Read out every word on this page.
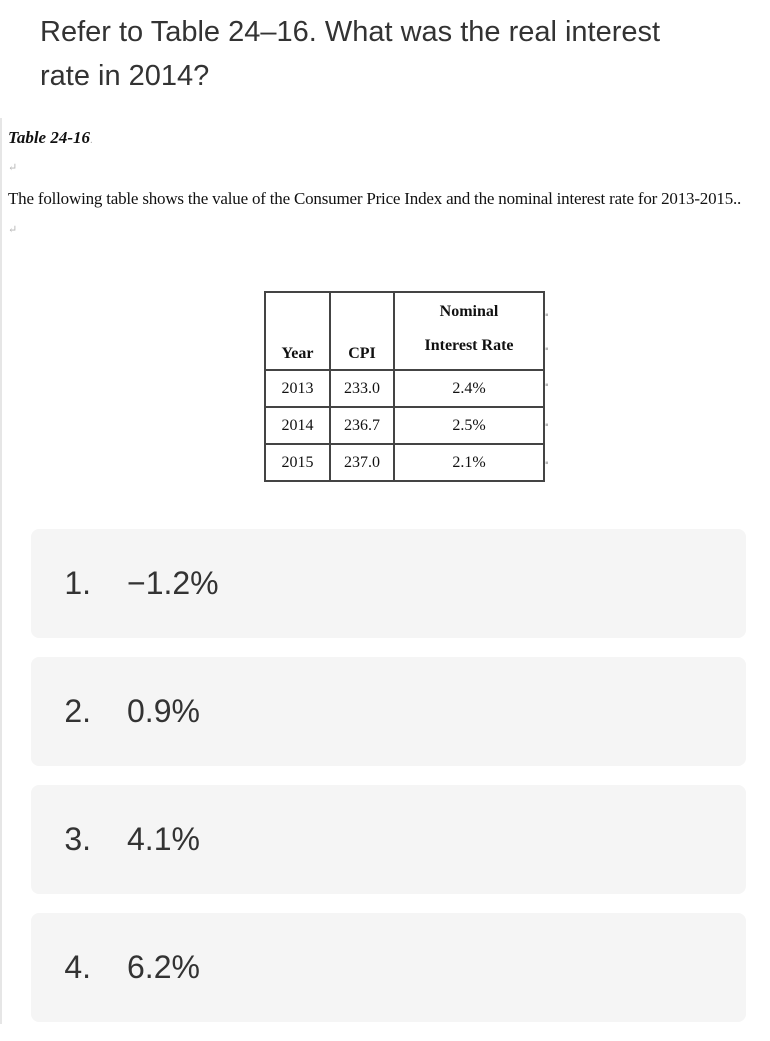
Refer to Table 24–16. What was the real interest rate in 2014?

Table 24-16.

↵

The following table shows the value of the Consumer Price Index and the nominal interest rate for 2013-2015..

↵
Year	CPI	Nominal
Interest Rate

2013	233.0	2.4%
2014	236.7	2.5%
2015	237.0	2.1%
▪
▪
▪
▪
▪
1.	−1.2%
2.	0.9%
3.	4.1%
4.	6.2%
